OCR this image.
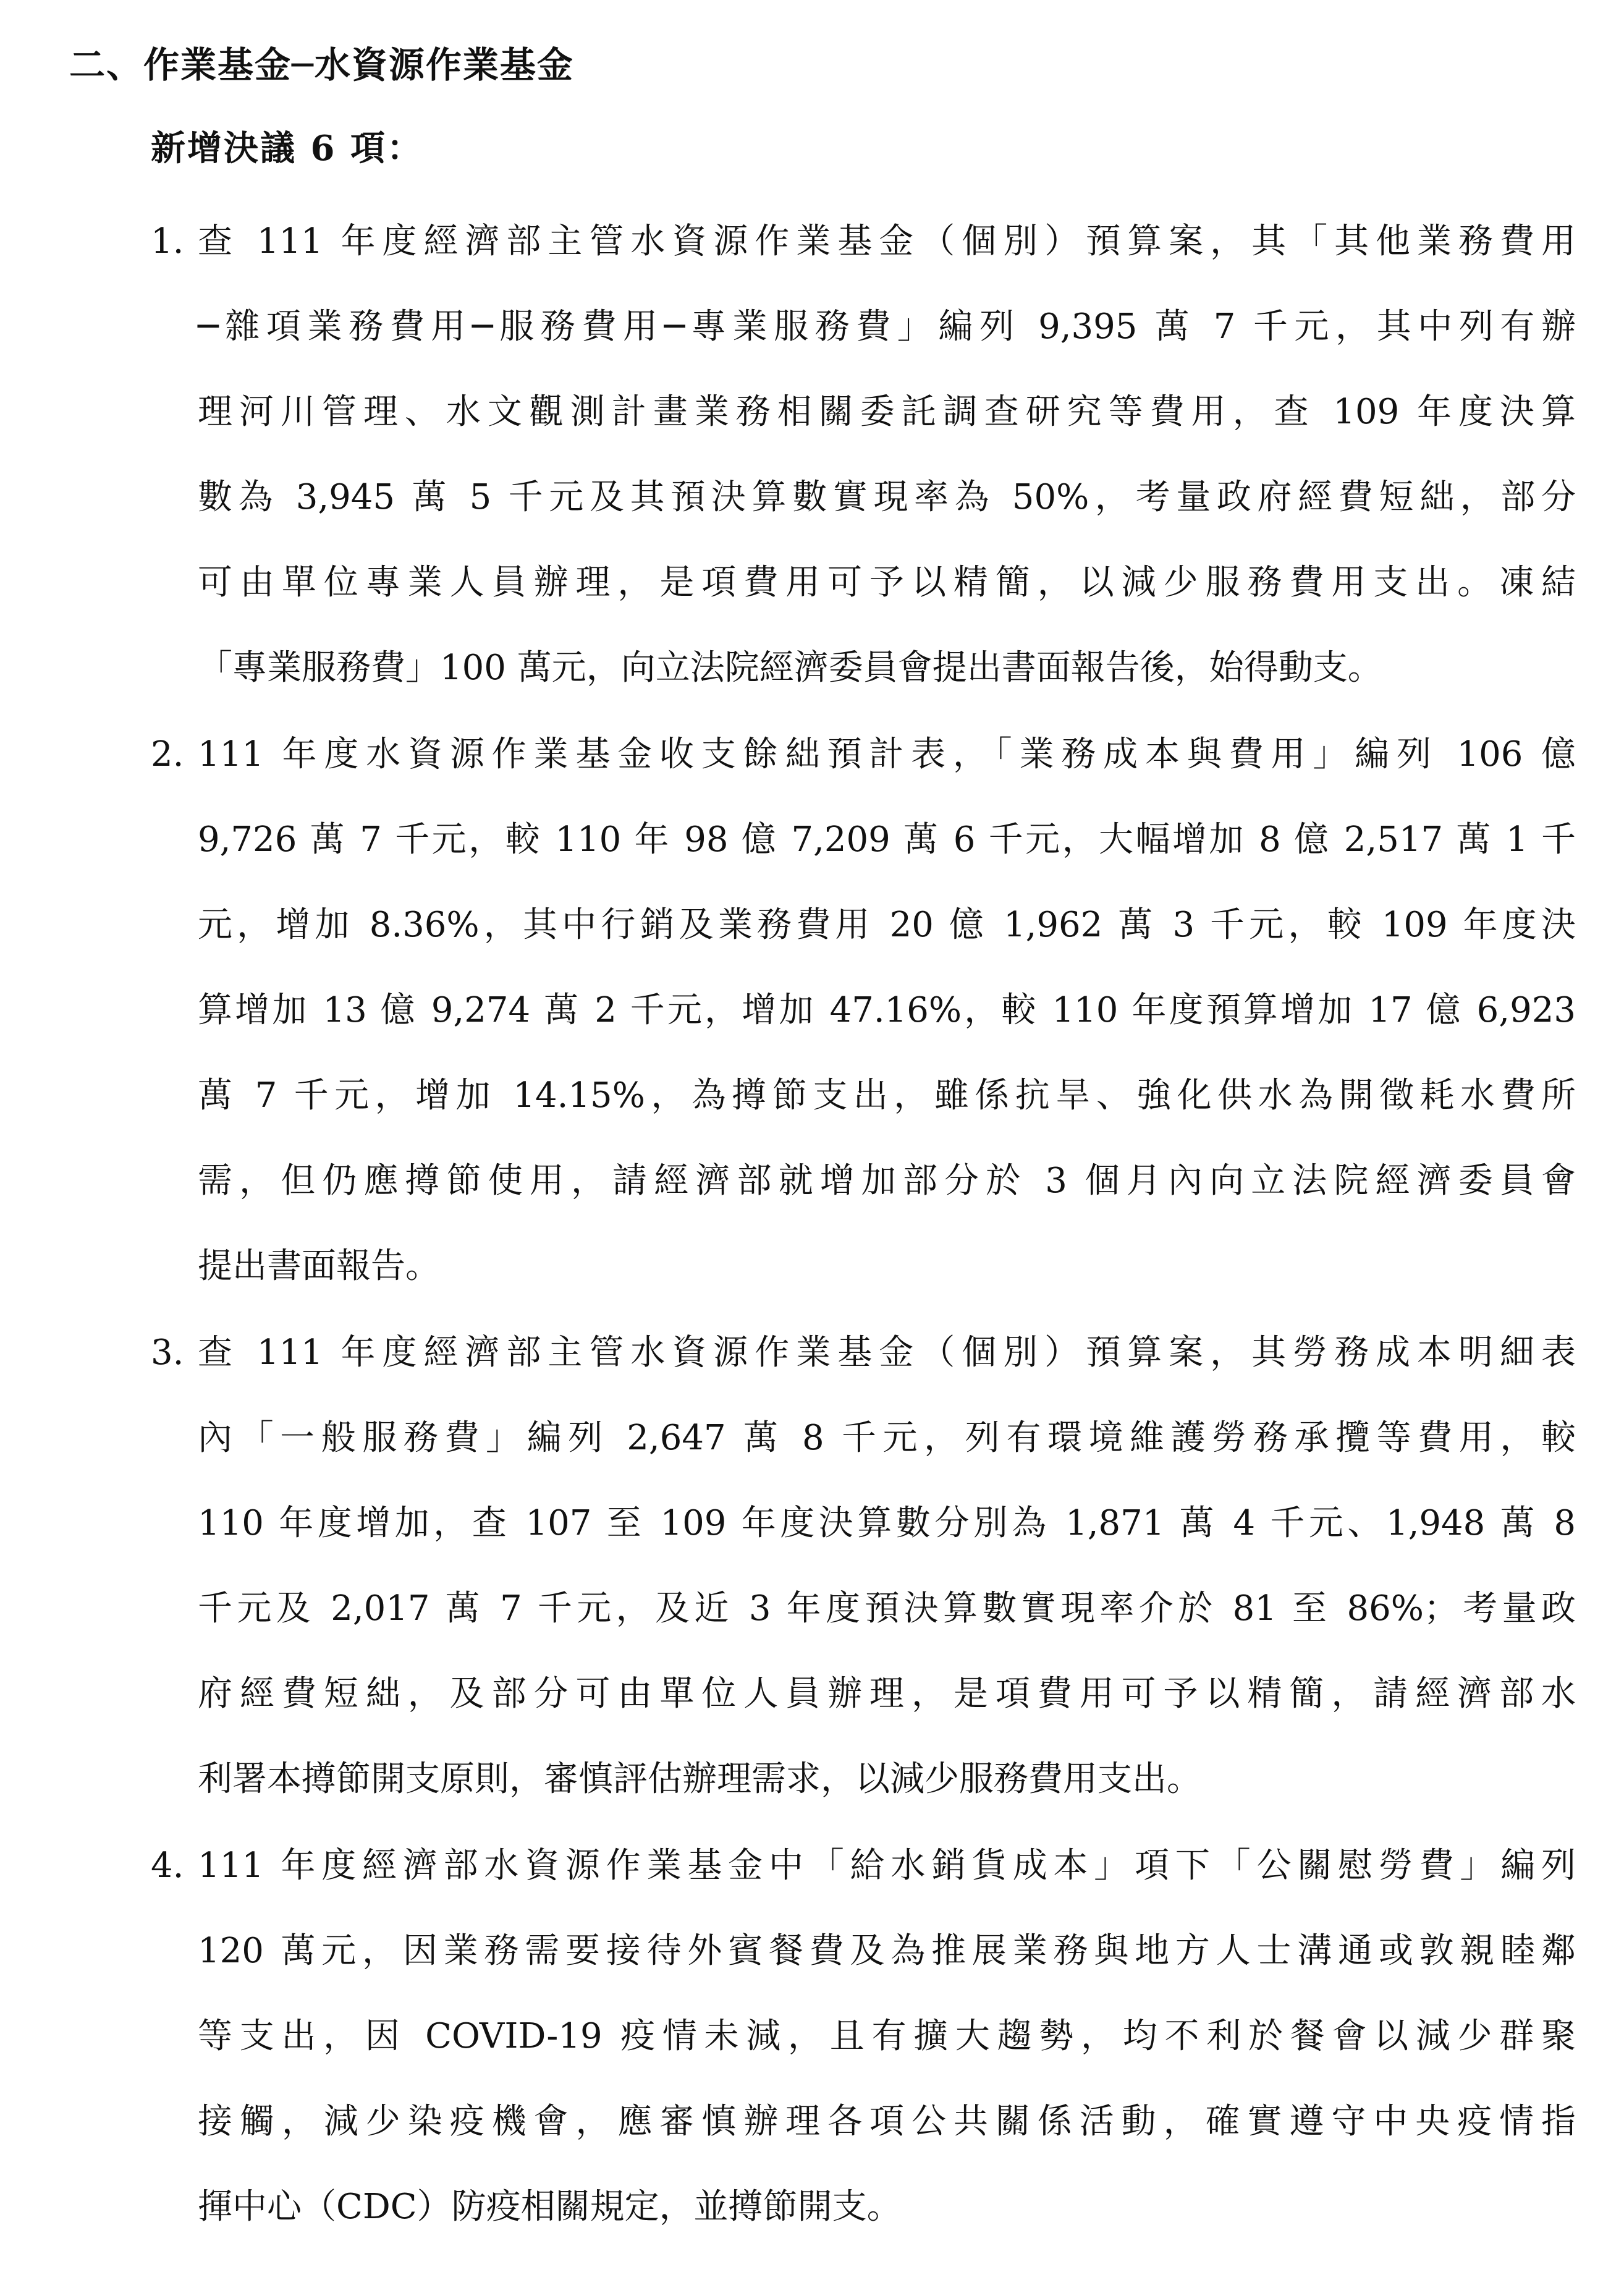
二、作業基金─水資源作業基金
新增決議 6 項：
1. 查 111 年度經濟部主管水資源作業基金（個別）預算案，其「其他業務費用
─雜項業務費用─服務費用─專業服務費」編列 9,395 萬 7 千元，其中列有辦
理河川管理、水文觀測計畫業務相關委託調查研究等費用，查 109 年度決算
數為 3,945 萬 5 千元及其預決算數實現率為 50%，考量政府經費短絀，部分
可由單位專業人員辦理，是項費用可予以精簡，以減少服務費用支出。凍結
「專業服務費」100 萬元，向立法院經濟委員會提出書面報告後，始得動支。
2. 111 年度水資源作業基金收支餘絀預計表，「業務成本與費用」編列 106 億
9,726 萬 7 千元，較 110 年 98 億 7,209 萬 6 千元，大幅增加 8 億 2,517 萬 1 千
元，增加 8.36%，其中行銷及業務費用 20 億 1,962 萬 3 千元，較 109 年度決
算增加 13 億 9,274 萬 2 千元，增加 47.16%，較 110 年度預算增加 17 億 6,923
萬 7 千元，增加 14.15%，為撙節支出，雖係抗旱、強化供水為開徵耗水費所
需，但仍應撙節使用，請經濟部就增加部分於 3 個月內向立法院經濟委員會
提出書面報告。
3. 查 111 年度經濟部主管水資源作業基金（個別）預算案，其勞務成本明細表
內「一般服務費」編列 2,647 萬 8 千元，列有環境維護勞務承攬等費用，較
110 年度增加，查 107 至 109 年度決算數分別為 1,871 萬 4 千元、1,948 萬 8
千元及 2,017 萬 7 千元，及近 3 年度預決算數實現率介於 81 至 86%；考量政
府經費短絀，及部分可由單位人員辦理，是項費用可予以精簡，請經濟部水
利署本撙節開支原則，審慎評估辦理需求，以減少服務費用支出。
4. 111 年度經濟部水資源作業基金中「給水銷貨成本」項下「公關慰勞費」編列
120 萬元，因業務需要接待外賓餐費及為推展業務與地方人士溝通或敦親睦鄰
等支出，因 COVID-19 疫情未減，且有擴大趨勢，均不利於餐會以減少群聚
接觸，減少染疫機會，應審慎辦理各項公共關係活動，確實遵守中央疫情指
揮中心（CDC）防疫相關規定，並撙節開支。
